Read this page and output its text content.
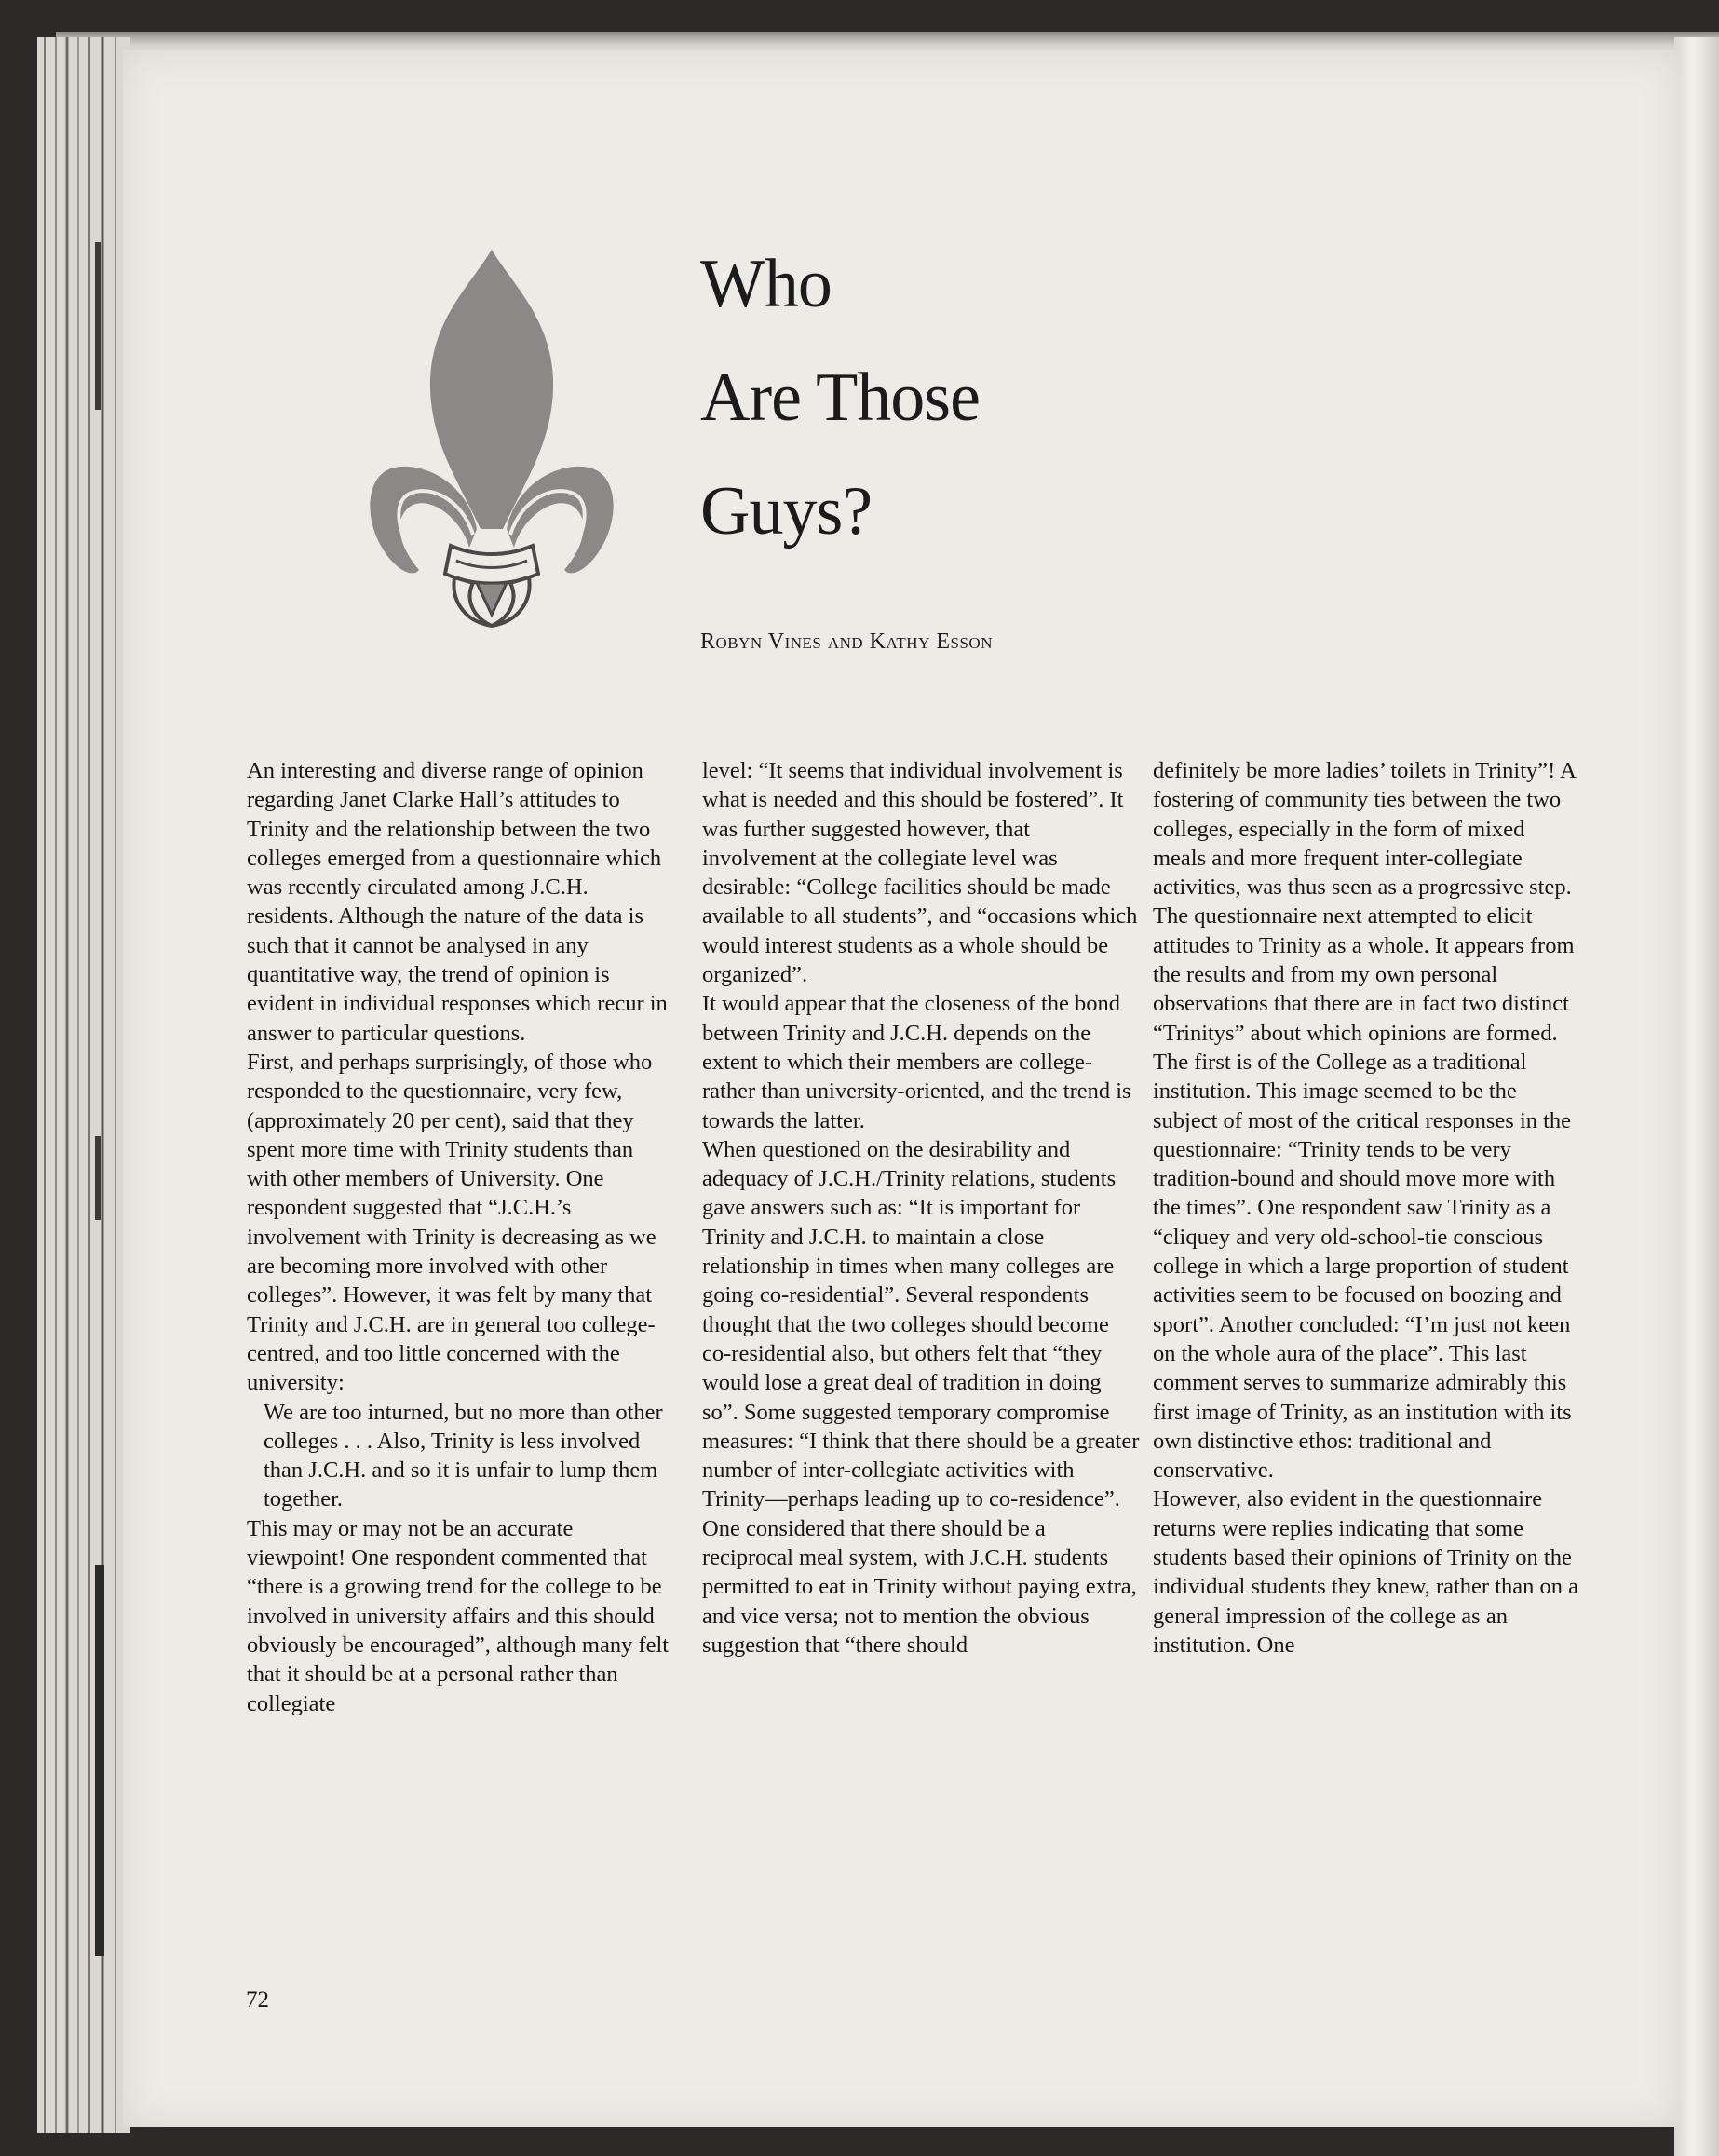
Who
Are Those
Guys?
Robyn Vines and Kathy Esson

An interesting and diverse range of opinion regarding Janet Clarke Hall’s attitudes to Trinity and the relationship between the two colleges emerged from a questionnaire which was recently circulated among J.C.H. residents. Although the nature of the data is such that it cannot be analysed in any quantitative way, the trend of opinion is evident in individual responses which recur in answer to particular questions.

First, and perhaps surprisingly, of those who responded to the questionnaire, very few, (approximately 20 per cent), said that they spent more time with Trinity students than with other members of University. One respondent suggested that “J.C.H.’s involvement with Trinity is decreasing as we are becoming more involved with other colleges”. However, it was felt by many that Trinity and J.C.H. are in general too college-centred, and too little concerned with the university:

We are too inturned, but no more than other colleges . . . Also, Trinity is less involved than J.C.H. and so it is unfair to lump them together.

This may or may not be an accurate viewpoint! One respondent commented that “there is a growing trend for the college to be involved in university affairs and this should obviously be encouraged”, although many felt that it should be at a personal rather than collegiate

level: “It seems that individual involvement is what is needed and this should be fostered”. It was further suggested however, that involvement at the collegiate level was desirable: “College facilities should be made available to all students”, and “occasions which would interest students as a whole should be organized”.

It would appear that the closeness of the bond between Trinity and J.C.H. depends on the extent to which their members are college- rather than university-oriented, and the trend is towards the latter.

When questioned on the desirability and adequacy of J.C.H./Trinity relations, students gave answers such as: “It is important for Trinity and J.C.H. to maintain a close relationship in times when many colleges are going co-residential”. Several respondents thought that the two colleges should become co-residential also, but others felt that “they would lose a great deal of tradition in doing so”. Some suggested temporary compromise measures: “I think that there should be a greater number of inter-collegiate activities with Trinity—perhaps leading up to co-residence”. One considered that there should be a reciprocal meal system, with J.C.H. students permitted to eat in Trinity without paying extra, and vice versa; not to mention the obvious suggestion that “there should

definitely be more ladies’ toilets in Trinity”! A fostering of community ties between the two colleges, especially in the form of mixed meals and more frequent inter-collegiate activities, was thus seen as a progressive step.

The questionnaire next attempted to elicit attitudes to Trinity as a whole. It appears from the results and from my own personal observations that there are in fact two distinct “Trinitys” about which opinions are formed.

The first is of the College as a traditional institution. This image seemed to be the subject of most of the critical responses in the questionnaire: “Trinity tends to be very tradition-bound and should move more with the times”. One respondent saw Trinity as a “cliquey and very old-school-tie conscious college in which a large proportion of student activities seem to be focused on boozing and sport”. Another concluded: “I’m just not keen on the whole aura of the place”. This last comment serves to summarize admirably this first image of Trinity, as an institution with its own distinctive ethos: traditional and conservative.

However, also evident in the questionnaire returns were replies indicating that some students based their opinions of Trinity on the individual students they knew, rather than on a general impression of the college as an institution. One

72
